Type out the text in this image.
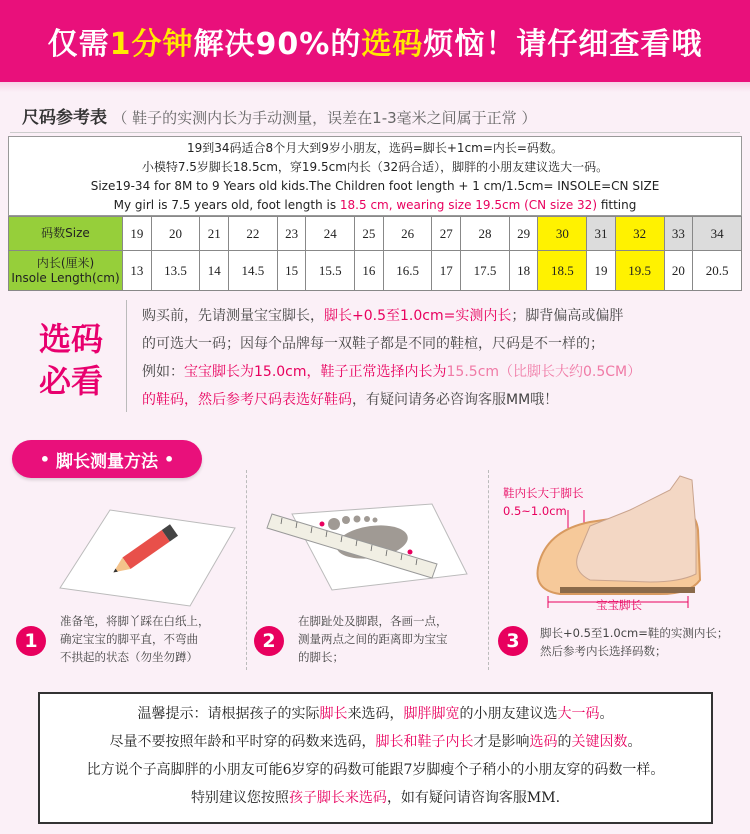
仅需 1分钟 解决90%的 选码 烦恼！请仔细查看哦
尺码参考表 （ 鞋子的实测内长为手动测量，误差在1-3毫米之间属于正常 ）
19到34码适合8个月大到9岁小朋友，选码=脚长+1cm=内长=码数。
小模特7.5岁脚长18.5cm，穿19.5cm内长（32码合适），脚胖的小朋友建议选大一码。
Size19-34 for 8M to 9 Years old kids.The Children foot length + 1 cm/1.5cm= INSOLE=CN SIZE
My girl is 7.5 years old, foot length is 18.5 cm, wearing size 19.5cm (CN size 32) fitting
码数Size	19	20	21	22	23	24	25	26	27	28	29	30	31	32	33	34

内长(厘米)
Insole Length(cm)	13	13.5	14	14.5	15	15.5	16	16.5	17	17.5	18	18.5	19	19.5	20	20.5
选码
必看
购买前，先请测量宝宝脚长，脚长+0.5至1.0cm=实测内长；脚背偏高或偏胖
的可选大一码；因每个品牌每一双鞋子都是不同的鞋楦，尺码是不一样的；
例如：宝宝脚长为15.0cm，鞋子正常选择内长为15.5cm（比脚长大约0.5CM）
的鞋码，然后参考尺码表选好鞋码，有疑问请务必咨询客服MM哦！
• 脚长测量方法 •
鞋内长大于脚长
0.5~1.0cm
宝宝脚长
1
准备笔，将脚丫踩在白纸上，
确定宝宝的脚平直，不弯曲
不拱起的状态（勿坐勿蹲）
2
在脚趾处及脚跟，各画一点，
测量两点之间的距离即为宝宝
的脚长；
3	脚长+0.5至1.0cm=鞋的实测内长；
然后参考内长选择码数；
温馨提示：请根据孩子的实际脚长来选码，脚胖脚宽的小朋友建议选大一码。
尽量不要按照年龄和平时穿的码数来选码，脚长和鞋子内长才是影响选码的关键因数。
比方说个子高脚胖的小朋友可能6岁穿的码数可能跟7岁脚瘦个子稍小的小朋友穿的码数一样。
特别建议您按照孩子脚长来选码，如有疑问请咨询客服MM.
